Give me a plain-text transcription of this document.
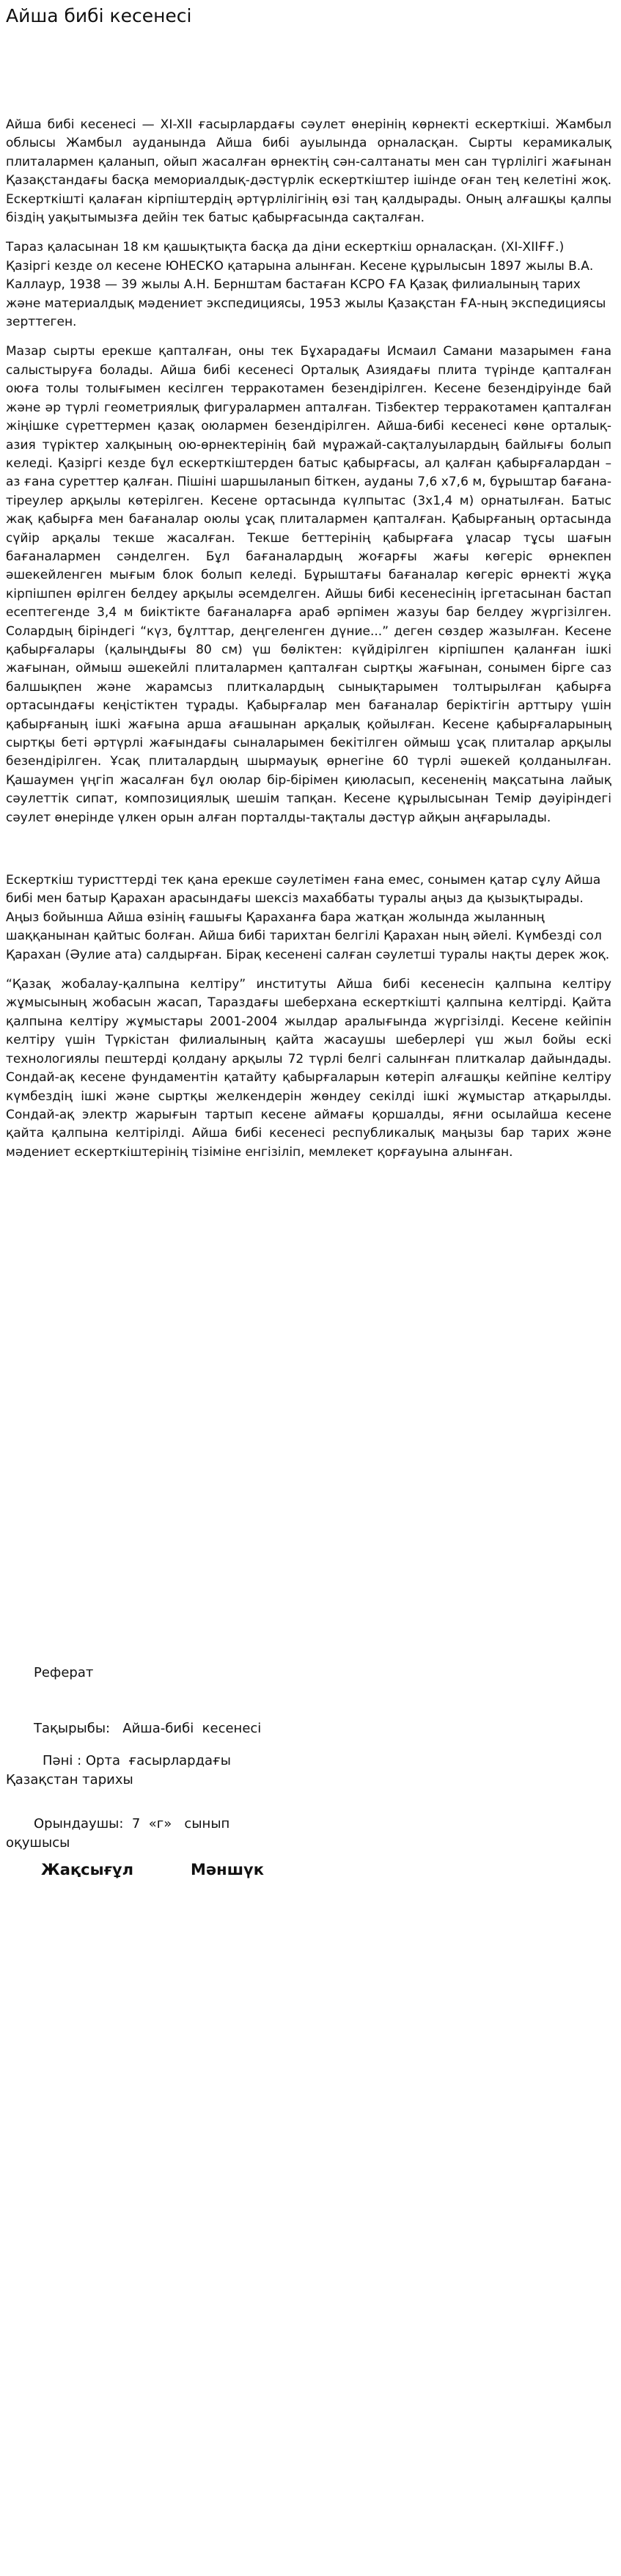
Айша бибі кесенесі

Айша бибі кесенесі — XI-XII ғасырлардағы сәулет өнерінің көрнекті ескерткіші. Жамбыл облысы Жамбыл ауданында Айша бибі ауылында орналасқан. Сырты керамикалық плиталармен қаланып, ойып жасалған өрнектің сән-салтанаты мен сан түрлілігі жағынан Қазақстандағы басқа мемориалдық-дәстүрлік ескерткіштер ішінде оған тең келетіні жоқ. Ескерткішті қалаған кірпіштердің әртүрлілігінің өзі таң қалдырады. Оның алғашқы қалпы біздің уақытымызға дейін тек батыс қабырғасында сақталған.

Тараз қаласынан 18 км қашықтықта басқа да діни ескерткіш орналасқан. (ХІ-ХІІҒҒ.) Қазіргі кезде ол кесене ЮНЕСКО қатарына алынған. Кесене құрылысын 1897 жылы В.А. Каллаур, 1938 — 39 жылы А.Н. Бернштам бастаған КСРО ҒА Қазақ филиалының тарих және материалдық мәдениет экспедициясы, 1953 жылы Қазақстан ҒА-ның экспедициясы зерттеген.

Мазар сырты ерекше қапталған, оны тек Бұхарадағы Исмаил Самани мазарымен ғана салыстыруға болады. Айша бибі кесенесі Орталық Азиядағы плита түрінде қапталған оюға толы толығымен кесілген терракотамен безендірілген. Кесене безендіруінде бай және әр түрлі геометриялық фигуралармен апталған. Тізбектер терракотамен қапталған жіңішке сүреттермен қазақ оюлармен безендірілген. Айша-бибі кесенесі көне орталық-азия түріктер халқының ою-өрнектерінің бай мұражай-сақталуылардың байлығы болып келеді. Қазіргі кезде бұл ескерткіштерден батыс қабырғасы, ал қалған қабырғалардан – аз ғана суреттер қалған. Пішіні шаршыланып біткен, ауданы 7,6 х7,6 м, бұрыштар бағана-тіреулер арқылы көтерілген. Кесене ортасында күлпытас (3х1,4 м) орнатылған. Батыс жақ қабырға мен бағаналар оюлы ұсақ плиталармен қапталған. Қабырғаның ортасында сүйір арқалы текше жасалған. Текше беттерінің қабырғаға ұласар тұсы шағын бағаналармен сәнделген. Бұл бағаналардың жоғарғы жағы көгеріс өрнекпен әшекейленген мығым блок болып келеді. Бұрыштағы бағаналар көгеріс өрнекті жұқа кірпішпен өрілген белдеу арқылы әсемделген. Айшы бибі кесенесінің іргетасынан бастап есептегенде 3,4 м биіктікте бағаналарға араб әрпімен жазуы бар белдеу жүргізілген. Солардың біріндегі “күз, бұлттар, деңгеленген дүние...” деген сөздер жазылған. Кесене қабырғалары (қалыңдығы 80 см) үш бөліктен: күйдірілген кірпішпен қаланған ішкі жағынан, оймыш әшекейлі плиталармен қапталған сыртқы жағынан, сонымен бірге саз балшықпен және жарамсыз плиткалардың сынықтарымен толтырылған қабырға ортасындағы кеңістіктен тұрады. Қабырғалар мен бағаналар беріктігін арттыру үшін қабырғаның ішкі жағына арша ағашынан арқалық қойылған. Кесене қабырғаларының сыртқы беті әртүрлі жағындағы сыналарымен бекітілген оймыш ұсақ плиталар арқылы безендірілген. Ұсақ плиталардың шырмауық өрнегіне 60 түрлі әшекей қолданылған. Қашаумен үңгіп жасалған бұл оюлар бір-бірімен қиюласып, кесененің мақсатына лайық сәулеттік сипат, композициялық шешім тапқан. Кесене құрылысынан Темір дәуіріндегі сәулет өнерінде үлкен орын алған порталды-тақталы дәстүр айқын аңғарылады.

Ескерткіш туристтерді тек қана ерекше сәулетімен ғана емес, сонымен қатар сұлу Айша бибі мен батыр Қарахан арасындағы шексіз махаббаты туралы аңыз да қызықтырады. Аңыз бойынша Айша өзінің ғашығы Қараханға бара жатқан жолында жыланның шаққанынан қайтыс болған. Айша бибі тарихтан белгілі Қарахан ның әйелі. Күмбезді сол Қарахан (Әулие ата) салдырған. Бірақ кесенені салған сәулетші туралы нақты дерек жоқ.

“Қазақ жобалау-қалпына келтіру” институты Айша бибі кесенесін қалпына келтіру жұмысының жобасын жасап, Тараздағы шеберхана ескерткішті қалпына келтірді. Қайта қалпына келтіру жұмыстары 2001-2004 жылдар аралығында жүргізілді. Кесене кейіпін келтіру үшін Түркістан филиалының қайта жасаушы шеберлері үш жыл бойы ескі технологиялы пештерді қолдану арқылы 72 түрлі белгі салынған плиткалар дайындады. Сондай-ақ кесене фундаментін қатайту қабырғаларын көтеріп алғашқы кейпіне келтіру күмбездің ішкі және сыртқы желкендерін жөндеу секілді ішкі жұмыстар атқарылды. Сондай-ақ электр жарығын тартып кесене аймағы қоршалды, яғни осылайша кесене қайта қалпына келтірілді. Айша бибі кесенесі республикалық маңызы бар тарих және мәдениет ескерткіштерінің тізіміне енгізіліп, мемлекет қорғауына алынған.

Реферат

Тақырыбы:   Айша-бибі  кесенесі

Пәні : Орта  ғасырлардағы

Қазақстан тарихы

Орындаушы:  7  «г»   сынып

оқушысы

Жақсығұл	Мәншүк
